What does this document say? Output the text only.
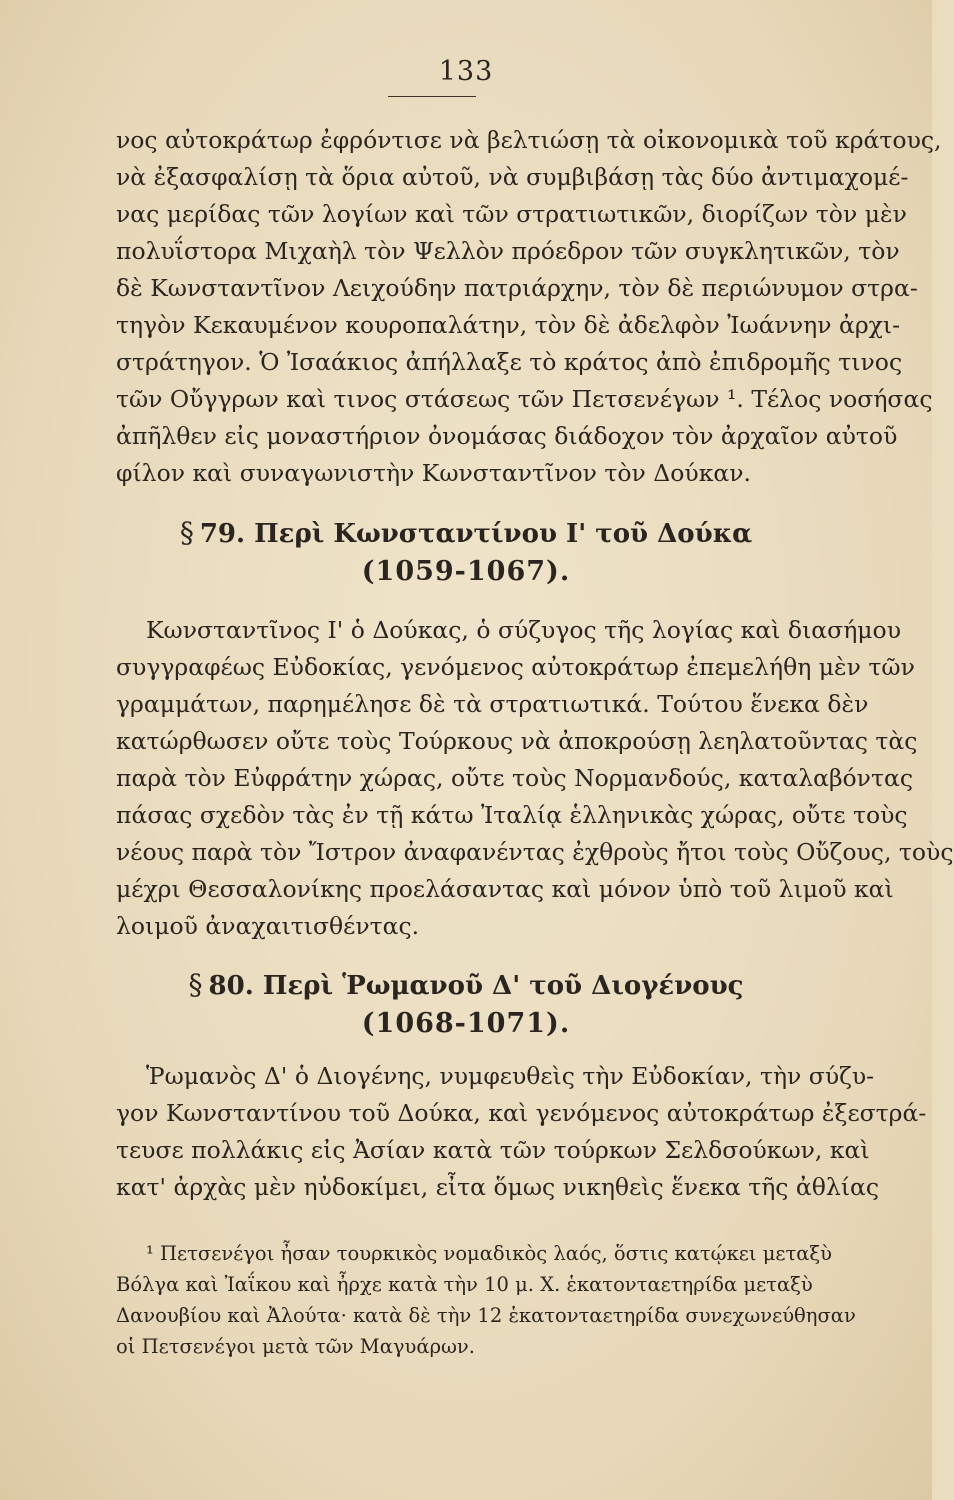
133
νος αὐτοκράτωρ ἐφρόντισε νὰ βελτιώσῃ τὰ οἰκονομικὰ τοῦ κράτους,
νὰ ἐξασφαλίσῃ τὰ ὅρια αὐτοῦ, νὰ συμβιβάσῃ τὰς δύο ἀντιμαχομέ-
νας μερίδας τῶν λογίων καὶ τῶν στρατιωτικῶν, διορίζων τὸν μὲν
πολυΐστορα Μιχαὴλ τὸν Ψελλὸν πρόεδρον τῶν συγκλητικῶν, τὸν
δὲ Κωνσταντῖνον Λειχούδην πατριάρχην, τὸν δὲ περιώνυμον στρα-
τηγὸν Κεκαυμένον κουροπαλάτην, τὸν δὲ ἀδελφὸν Ἰωάννην ἀρχι-
στράτηγον. Ὁ Ἰσαάκιος ἀπήλλαξε τὸ κράτος ἀπὸ ἐπιδρομῆς τινος
τῶν Οὔγγρων καὶ τινος στάσεως τῶν Πετσενέγων ¹. Τέλος νοσήσας
ἀπῆλθεν εἰς μοναστήριον ὀνομάσας διάδοχον τὸν ἀρχαῖον αὐτοῦ
φίλον καὶ συναγωνιστὴν Κωνσταντῖνον τὸν Δούκαν.
§ 79. Περὶ Κωνσταντίνου Ι' τοῦ Δούκα
(1059-1067).
Κωνσταντῖνος Ι' ὁ Δούκας, ὁ σύζυγος τῆς λογίας καὶ διασήμου
συγγραφέως Εὐδοκίας, γενόμενος αὐτοκράτωρ ἐπεμελήθη μὲν τῶν
γραμμάτων, παρημέλησε δὲ τὰ στρατιωτικά. Τούτου ἕνεκα δὲν
κατώρθωσεν οὔτε τοὺς Τούρκους νὰ ἀποκρούσῃ λεηλατοῦντας τὰς
παρὰ τὸν Εὐφράτην χώρας, οὔτε τοὺς Νορμανδούς, καταλαβόντας
πάσας σχεδὸν τὰς ἐν τῇ κάτω Ἰταλίᾳ ἑλληνικὰς χώρας, οὔτε τοὺς
νέους παρὰ τὸν Ἴστρον ἀναφανέντας ἐχθροὺς ἤτοι τοὺς Οὔζους, τοὺς
μέχρι Θεσσαλονίκης προελάσαντας καὶ μόνον ὑπὸ τοῦ λιμοῦ καὶ
λοιμοῦ ἀναχαιτισθέντας.
§ 80. Περὶ Ῥωμανοῦ Δ' τοῦ Διογένους
(1068-1071).
Ῥωμανὸς Δ' ὁ Διογένης, νυμφευθεὶς τὴν Εὐδοκίαν, τὴν σύζυ-
γον Κωνσταντίνου τοῦ Δούκα, καὶ γενόμενος αὐτοκράτωρ ἐξεστρά-
τευσε πολλάκις εἰς Ἀσίαν κατὰ τῶν τούρκων Σελδσούκων, καὶ
κατ' ἀρχὰς μὲν ηὐδοκίμει, εἶτα ὅμως νικηθεὶς ἕνεκα τῆς ἀθλίας
¹ Πετσενέγοι ἦσαν τουρκικὸς νομαδικὸς λαός, ὅστις κατῴκει μεταξὺ
Βόλγα καὶ Ἰαΐκου καὶ ἦρχε κατὰ τὴν 10 μ. Χ. ἑκατονταετηρίδα μεταξὺ
Δανουβίου καὶ Ἀλούτα· κατὰ δὲ τὴν 12 ἑκατονταετηρίδα συνεχωνεύθησαν
οἱ Πετσενέγοι μετὰ τῶν Μαγυάρων.
